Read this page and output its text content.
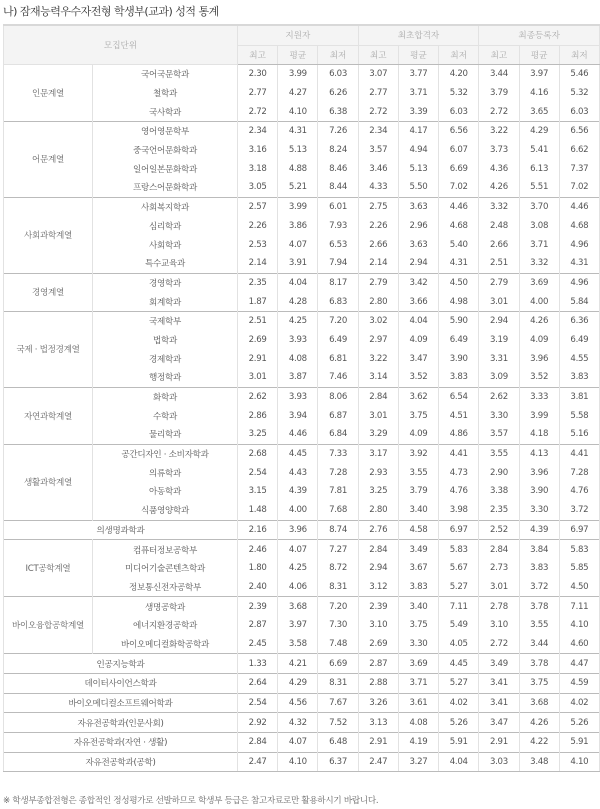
나) 잠재능력우수자전형 학생부(교과) 성적 통계
모집단위		지원자			최초합격자			최종등록자		
		최고	평균	최저	최고	평균	최저	최고	평균	최저
인문계열	국어국문학과	2.30	3.99	6.03	3.07	3.77	4.20	3.44	3.97	5.46
	철학과	2.77	4.27	6.26	2.77	3.71	5.32	3.79	4.16	5.32
	국사학과	2.72	4.10	6.38	2.72	3.39	6.03	2.72	3.65	6.03
어문계열	영어영문학부	2.34	4.31	7.26	2.34	4.17	6.56	3.22	4.29	6.56
	중국언어문화학과	3.16	5.13	8.24	3.57	4.94	6.07	3.73	5.41	6.62
	일어일본문화학과	3.18	4.88	8.46	3.46	5.13	6.69	4.36	6.13	7.37
	프랑스어문화학과	3.05	5.21	8.44	4.33	5.50	7.02	4.26	5.51	7.02
사회과학계열	사회복지학과	2.57	3.99	6.01	2.75	3.63	4.46	3.32	3.70	4.46
	심리학과	2.26	3.86	7.93	2.26	2.96	4.68	2.48	3.08	4.68
	사회학과	2.53	4.07	6.53	2.66	3.63	5.40	2.66	3.71	4.96
	특수교육과	2.14	3.91	7.94	2.14	2.94	4.31	2.51	3.32	4.31
경영계열	경영학과	2.35	4.04	8.17	2.79	3.42	4.50	2.79	3.69	4.96
	회계학과	1.87	4.28	6.83	2.80	3.66	4.98	3.01	4.00	5.84
국제 · 법정경계열	국제학부	2.51	4.25	7.20	3.02	4.04	5.90	2.94	4.26	6.36
	법학과	2.69	3.93	6.49	2.97	4.09	6.49	3.19	4.09	6.49
	경제학과	2.91	4.08	6.81	3.22	3.47	3.90	3.31	3.96	4.55
	행정학과	3.01	3.87	7.46	3.14	3.52	3.83	3.09	3.52	3.83
자연과학계열	화학과	2.62	3.93	8.06	2.84	3.62	6.54	2.62	3.33	3.81
	수학과	2.86	3.94	6.87	3.01	3.75	4.51	3.30	3.99	5.58
	물리학과	3.25	4.46	6.84	3.29	4.09	4.86	3.57	4.18	5.16
생활과학계열	공간디자인 · 소비자학과	2.68	4.45	7.33	3.17	3.92	4.41	3.55	4.13	4.41
	의류학과	2.54	4.43	7.28	2.93	3.55	4.73	2.90	3.96	7.28
	아동학과	3.15	4.39	7.81	3.25	3.79	4.76	3.38	3.90	4.76
	식품영양학과	1.48	4.00	7.68	2.80	3.40	3.98	2.35	3.30	3.72
의생명과학과		2.16	3.96	8.74	2.76	4.58	6.97	2.52	4.39	6.97
ICT공학계열	컴퓨터정보공학부	2.46	4.07	7.27	2.84	3.49	5.83	2.84	3.84	5.83
	미디어기술콘텐츠학과	1.80	4.25	8.72	2.94	3.67	5.67	2.73	3.83	5.85
	정보통신전자공학부	2.40	4.06	8.31	3.12	3.83	5.27	3.01	3.72	4.50
바이오융합공학계열	생명공학과	2.39	3.68	7.20	2.39	3.40	7.11	2.78	3.78	7.11
	에너지환경공학과	2.87	3.97	7.30	3.10	3.75	5.49	3.10	3.55	4.10
	바이오메디컬화학공학과	2.45	3.58	7.48	2.69	3.30	4.05	2.72	3.44	4.60
인공지능학과		1.33	4.21	6.69	2.87	3.69	4.45	3.49	3.78	4.47
데이터사이언스학과		2.64	4.29	8.31	2.88	3.71	5.27	3.41	3.75	4.59
바이오메디컬소프트웨어학과		2.54	4.56	7.67	3.26	3.61	4.02	3.41	3.68	4.02
자유전공학과(인문사회)		2.92	4.32	7.52	3.13	4.08	5.26	3.47	4.26	5.26
자유전공학과(자연 · 생활)		2.84	4.07	6.48	2.91	4.19	5.91	2.91	4.22	5.91
자유전공학과(공학)		2.47	4.10	6.37	2.47	3.27	4.04	3.03	3.48	4.10
※ 학생부종합전형은 종합적인 정성평가로 선발하므로 학생부 등급은 참고자료로만 활용하시기 바랍니다.
